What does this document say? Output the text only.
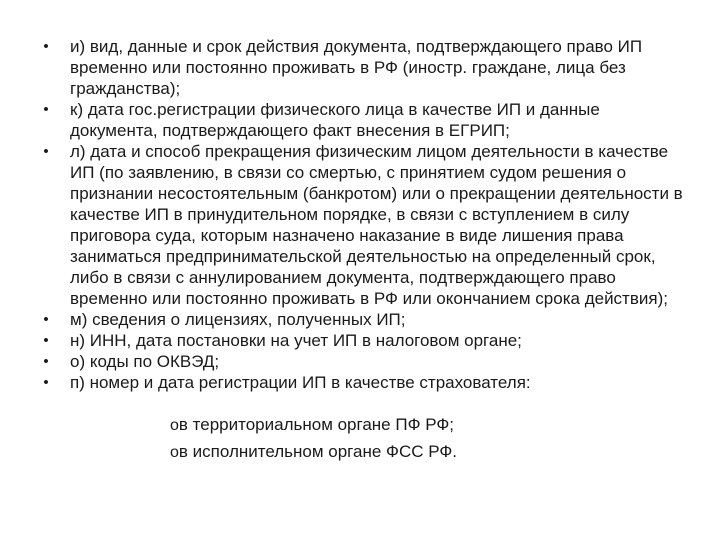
• и) вид, данные и срок действия документа, подтверждающего право ИП временно или постоянно проживать в РФ (иностр. граждане, лица без гражданства);
• к) дата гос.регистрации физического лица в качестве ИП и данные документа, подтверждающего факт внесения в ЕГРИП;
• л) дата и способ прекращения физическим лицом деятельности в качестве ИП (по заявлению, в связи со смертью, с принятием судом решения о признании несостоятельным (банкротом) или о прекращении деятельности в качестве ИП в принудительном порядке, в связи с вступлением в силу приговора суда, которым назначено наказание в виде лишения права заниматься предпринимательской деятельностью на определенный срок, либо в связи с аннулированием документа, подтверждающего право временно или постоянно проживать в РФ или окончанием срока действия);
• м) сведения о лицензиях, полученных ИП;
• н) ИНН, дата постановки на учет ИП в налоговом органе;
• о) коды по ОКВЭД;
• п) номер и дата регистрации ИП в качестве страхователя:
oв территориальном органе ПФ РФ;
oв исполнительном органе ФСС РФ.
